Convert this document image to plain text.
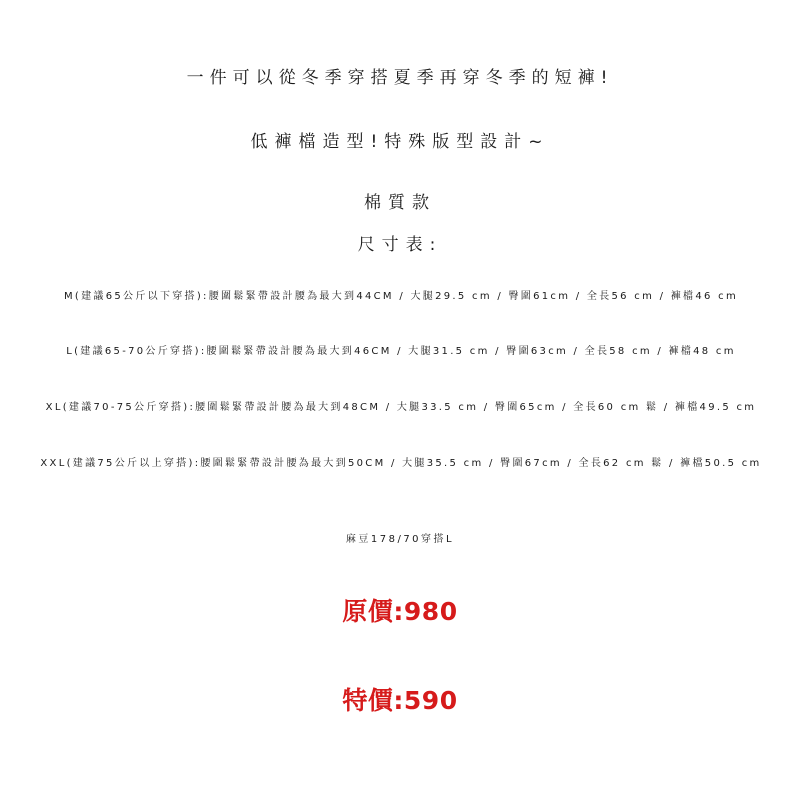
一件可以從冬季穿搭夏季再穿冬季的短褲!
低褲檔造型!特殊版型設計~
棉質款
尺寸表:
M(建議65公斤以下穿搭):腰圍鬆緊帶設計腰為最大到44CM / 大腿29.5 cm / 臀圍61cm / 全長56 cm / 褲檔46 cm
L(建議65-70公斤穿搭):腰圍鬆緊帶設計腰為最大到46CM / 大腿31.5 cm / 臀圍63cm / 全長58 cm / 褲檔48 cm
XL(建議70-75公斤穿搭):腰圍鬆緊帶設計腰為最大到48CM / 大腿33.5 cm / 臀圍65cm / 全長60 cm 鬆 / 褲檔49.5 cm
XXL(建議75公斤以上穿搭):腰圍鬆緊帶設計腰為最大到50CM / 大腿35.5 cm / 臀圍67cm / 全長62 cm 鬆 / 褲檔50.5 cm
麻豆178/70穿搭L
原價:980
特價:590
